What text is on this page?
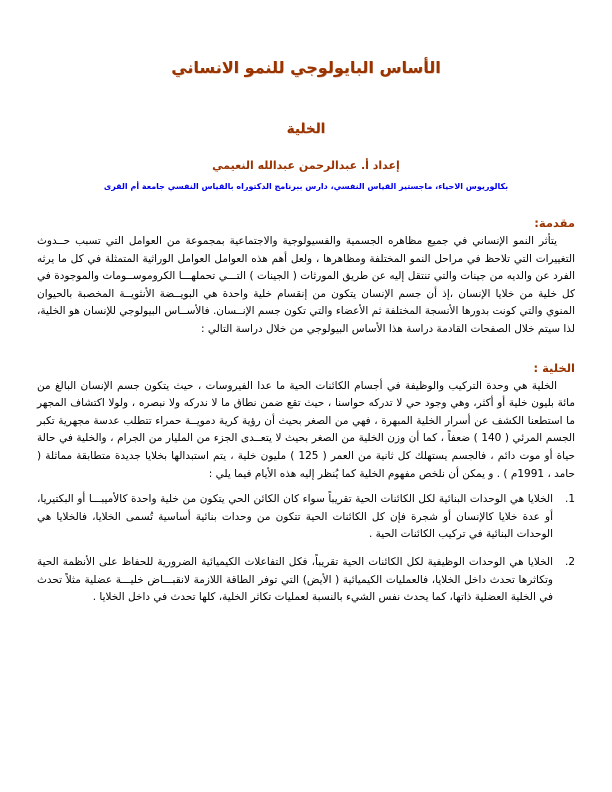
الأساس البايولوجي للنمو الانساني
الخلية
إعداد أ. عبدالرحمن عبدالله النعيمي
بكالوريوس الاحياء، ماجستير القياس النفسي، دارس ببرنامج الدكتوراه بالقياس النفسي جامعة أم القرى
مقدمة:

يتأثر النمو الإنساني في جميع مظاهره الجسمية والفسيولوجية والاجتماعية بمجموعة من العوامل التي تسبب حــدوث التغييرات التي تلاحظ في مراحل النمو المختلفة ومظاهرها ، ولعل أهم هذه العوامل العوامل الوراثية المتمثلة في كل ما يرثه الفرد عن والديه من جينات والتي تنتقل إليه عن طريق المورثات ( الجينات ) التـــي تحملهـــا الكروموســومات والموجودة في كل خلية من خلايا الإنسان ،إذ أن جسم الإنسان يتكون من إنقسام خلية واحدة هي البويــضة الأنثويــة المخصبة بالحيوان المنوي والتي كونت بدورها الأنسجة المختلفة ثم الأعضاء والتي تكون جسم الإنــسان. فالأســاس البيولوجي للإنسان هو الخلية، لذا سيتم خلال الصفحات القادمة دراسة هذا الأساس البيولوجي من خلال دراسة التالي :

الخلية :

الخلية هي وحدة التركيب والوظيفة في أجسام الكائنات الحية ما عدا الفيروسات ، حيث يتكون جسم الإنسان البالغ من مائة بليون خلية أو أكثر، وهي وجود حي لا تدركه حواسنا ، حيث تقع ضمن نطاق ما لا ندركه ولا نبصره ، ولولا اكتشاف المجهر ما استطعنا الكشف عن أسرار الخلية المبهرة ، فهي من الصغر بحيث أن رؤية كرية دمويــة حمراء تتطلب عدسة مجهرية تكبر الجسم المرئي ( 140 ) ضعفاً ، كما أن وزن الخلية من الصغر بحيث لا يتعــدى الجزء من المليار من الجرام ، والخلية في حالة حياة أو موت دائم ، فالجسم يستهلك كل ثانية من العمر ( 125 ) مليون خلية ، يتم استبدالها بخلايا جديدة متطابقة مماثلة ( حامد ، 1991م ) . و يمكن أن نلخص مفهوم الخلية كما يُنظر إليه هذه الأيام فيما يلي :

1.
الخلايا هي الوحدات البنائية لكل الكائنات الحية تقريباً سواء كان الكائن الحي يتكون من خلية واحدة كالأميبـــا أو البكتيريا، أو عدة خلايا كالإنسان أو شجرة فإن كل الكائنات الحية تتكون من وحدات بنائية أساسية تُسمى الخلايا، فالخلايا هي الوحدات البنائية في تركيب الكائنات الحية .
2.
الخلايا هي الوحدات الوظيفية لكل الكائنات الحية تقريباً، فكل التفاعلات الكيميائية الضرورية للحفاظ على الأنظمة الحية وتكاثرها تحدث داخل الخلايا، فالعمليات الكيميائية ( الأيض) التي توفر الطاقة اللازمة لانقبـــاض خليـــة عضلية مثلاً تحدث في الخلية العضلية ذاتها، كما يحدث نفس الشيء بالنسبة لعمليات تكاثر الخلية، كلها تحدث في داخل الخلايا .
